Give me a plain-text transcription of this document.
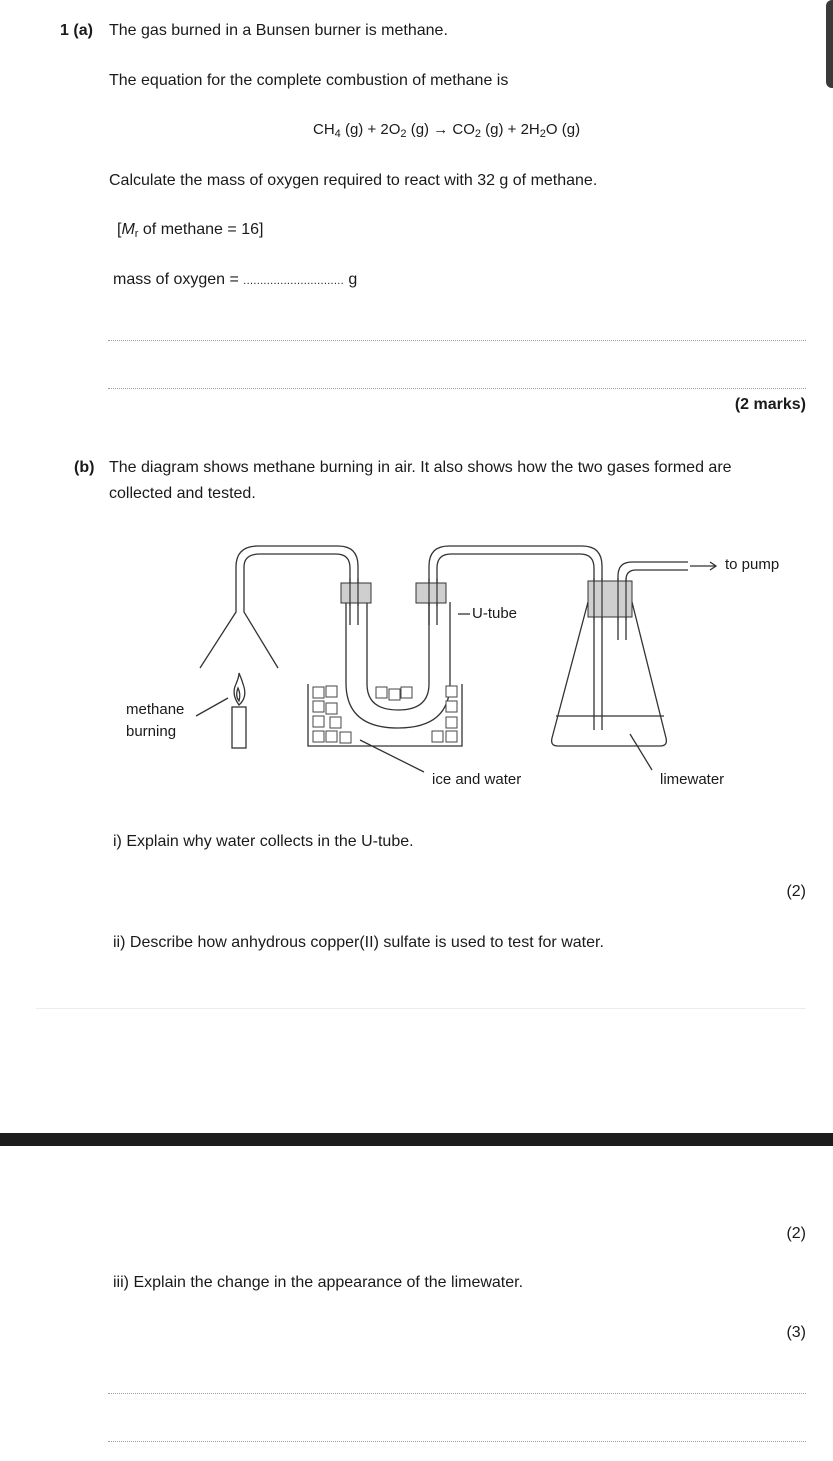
1 (a) The gas burned in a Bunsen burner is methane.
The equation for the complete combustion of methane is
$CH_4$ $(g) + 2O_2$ $(g) \to CO_2$ $(g) + 2H_2O$ (g)
Calculate the mass of oxygen required to react with 32 g of methane.
[$M_r$ of methane = 16]
mass of oxygen = .............................. g
(2 marks)
(b) The diagram shows methane burning in air. It also shows how the two gases formed are
collected and tested.
to pump
U-tube
methane
burning
ice and water	limewater
i) Explain why water collects in the U-tube.
(2)
ii) Describe how anhydrous copper(II) sulfate is used to test for water.
(2)
iii) Explain the change in the appearance of the limewater.
(3)
